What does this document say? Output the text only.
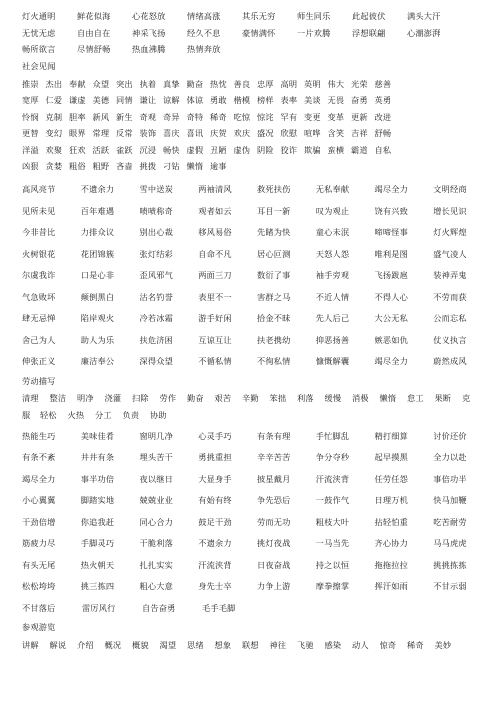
灯火通明	鲜花似海	心花怒放	情绪高涨	其乐无穷	师生同乐	此起彼伏	满头大汗
无忧无虑	自由自在	神采飞扬	经久不息	豪情满怀	一片欢腾	浮想联翩	心潮澎湃
畅所欲言	尽情舒畅	热血沸腾	热情奔放
社会见闻
推崇 杰出 奉献 众望 突出 执着 真挚 勤奋 热忱 善良 忠厚 高明 英明 伟大 光荣 慈善
宽厚 仁爱 谦虚 美德 同情 谦让 谅解 体谅 勇敢 楷模 榜样 表率 美谈 无畏 奋勇 英勇
怜悯 克制 胆率 新风 新生 奇观 奇异 奇特 稀奇 吃惊 惊诧 罕有 变更 变革 更新 改进
更替 变幻 眼界 常理 反常 装饰 喜庆 喜讯 庆贺 欢庆 盛况 欣慰 喧哗 含笑 吉祥 舒畅
洋溢 欢聚 狂欢 活跃 雀跃 沉浸 畅快 虚假 丑陋 虚伪 阴险 狡诈 欺骗 蛮横 霸道 自私
凶狠 贪婪 粗俗 粗野 吝啬 挑拨 刁钻 懒惰 逾事
高风亮节	不遗余力	雪中送炭	两袖清风	救死扶伤	无私奉献	竭尽全力	文明经商
见所未见	百年难遇	啧啧称奇	观者如云	耳目一新	叹为观止	饶有兴致	增长见识
今非昔比	力排众议	别出心裁	移风易俗	先睹为快	童心未泯	啼啼怪事	灯火辉煌
火树银花	花团锦簇	张灯结彩	自命不凡	居心叵测	天怒人怨	唯利是图	盛气凌人
尔虞我诈	口是心非	歪风邪气	两面三刀	数衍了事	袖手旁观	飞扬跋扈	装神弄鬼
气急败坏	颠倒黑白	沽名钓誉	表里不一	害群之马	不近人情	不得人心	不劳而获
肆无忌惮	陷岸观火	冷若冰霜	游手好闲	拾金不昧	先人后己	大公无私	公而忘私
舍己为人	助人为乐	扶危济困	互谅互让	扶老携幼	抑恶扬善	嫉恶如仇	仗义执言
伸张正义	廉洁奉公	深得众望	不循私情	不徇私情	慷慨解囊	竭尽全力	蔚然成风
劳动描写
清理	整洁	明净	浇灌	扫除	劳作	勤奋	艰苦	辛勤	笨拙	利落	缓慢	消极	懒惰	怠工	果断	克
服	轻松	火热	分工	负责	协助
热能生巧	美味佳肴	窗明几净	心灵手巧	有条有理	手忙脚乱	精打细算	讨价还价
有条不紊	井井有条	埋头苦干	勇挑重担	辛辛苦苦	争分夺秒	起早摸黑	全力以赴
竭尽全力	事半功倍	夜以继日	大显身手	披星戴月	汗流浃背	任劳任怨	事倍功半
小心翼翼	脚踏实地	兢兢业业	有始有终	争先恐后	一鼓作气	日理万机	快马加鞭
干劲倍增	你追我赶	同心合力	鼓足干劲	劳而无功	粗枝大叶	拈轻怕重	吃苦耐劳
筋疲力尽	手脚灵巧	干脆利落	不遗余力	挑灯夜战	一马当先	齐心协力	马马虎虎
有头无尾	热火朝天	扎扎实实	汗流浃背	日夜奋战	持之以恒	拖拖拉拉	挑挑拣拣
松松垮垮	挑三拣四	粗心大意	身先士卒	力争上游	摩拳擦掌	挥汗如雨	不甘示弱
不甘落后	雷厉风行	自告奋勇	毛手毛脚
参观游览
讲解	解说	介绍	概况	概貌	渴望	思绪	想象	联想	神往	飞驰	感染	动人	惊奇	稀奇	美妙
